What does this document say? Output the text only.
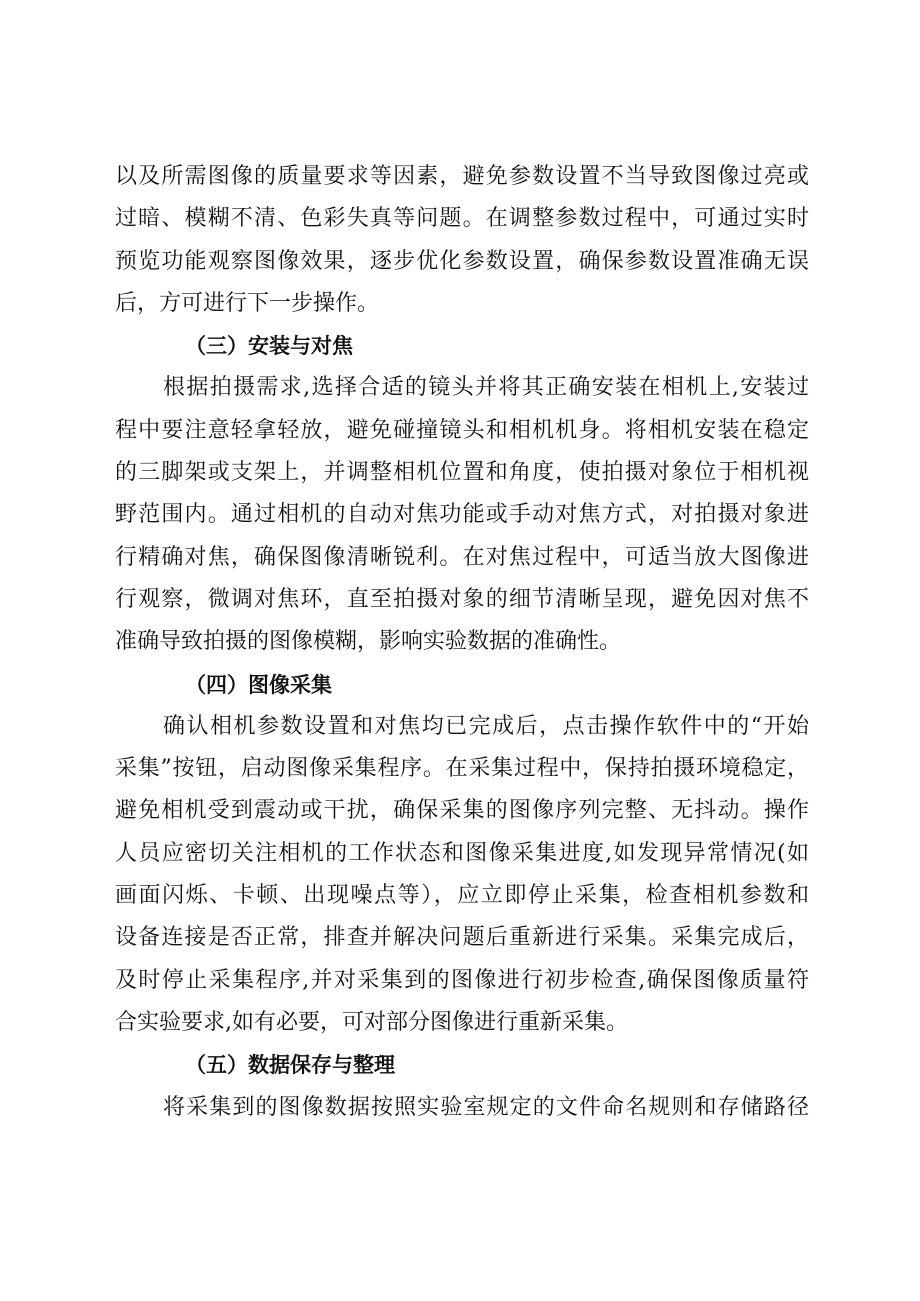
以及所需图像的质量要求等因素，避免参数设置不当导致图像过亮或
过暗、模糊不清、色彩失真等问题。在调整参数过程中，可通过实时
预览功能观察图像效果，逐步优化参数设置，确保参数设置准确无误
后，方可进行下一步操作。
（三）安装与对焦
根据拍摄需求,选择合适的镜头并将其正确安装在相机上,安装过
程中要注意轻拿轻放，避免碰撞镜头和相机机身。将相机安装在稳定
的三脚架或支架上，并调整相机位置和角度，使拍摄对象位于相机视
野范围内。通过相机的自动对焦功能或手动对焦方式，对拍摄对象进
行精确对焦，确保图像清晰锐利。在对焦过程中，可适当放大图像进
行观察，微调对焦环，直至拍摄对象的细节清晰呈现，避免因对焦不
准确导致拍摄的图像模糊，影响实验数据的准确性。
（四）图像采集
确认相机参数设置和对焦均已完成后，点击操作软件中的“开始
采集”按钮，启动图像采集程序。在采集过程中，保持拍摄环境稳定，
避免相机受到震动或干扰，确保采集的图像序列完整、无抖动。操作
人员应密切关注相机的工作状态和图像采集进度,如发现异常情况(如
画面闪烁、卡顿、出现噪点等），应立即停止采集，检查相机参数和
设备连接是否正常，排查并解决问题后重新进行采集。采集完成后，
及时停止采集程序,并对采集到的图像进行初步检查,确保图像质量符
合实验要求,如有必要，可对部分图像进行重新采集。
（五）数据保存与整理
将采集到的图像数据按照实验室规定的文件命名规则和存储路径
